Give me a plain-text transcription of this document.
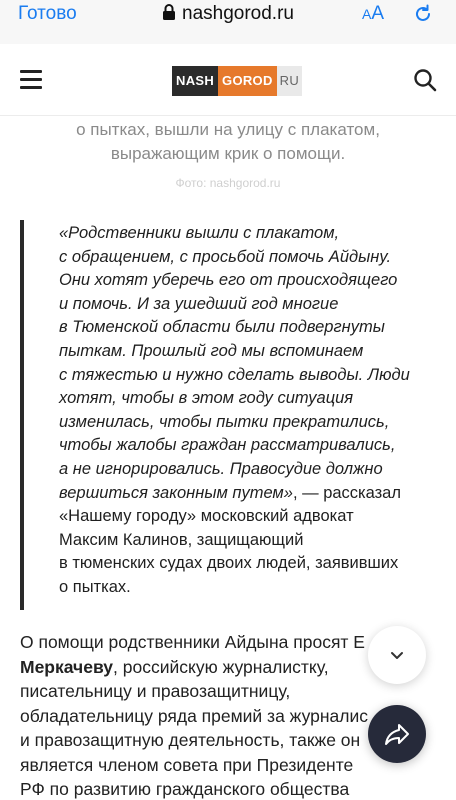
Готово	nashgorod.ru	AA
NASH GOROD RU
о пытках, вышли на улицу с плакатом,
выражающим крик о помощи.
Фото: nashgorod.ru
«Родственники вышли с плакатом,
с обращением, с просьбой помочь Айдыну.
Они хотят уберечь его от происходящего
и помочь. И за ушедший год многие
в Тюменской области были подвергнуты
пыткам. Прошлый год мы вспоминаем
с тяжестью и нужно сделать выводы. Люди
хотят, чтобы в этом году ситуация
изменилась, чтобы пытки прекратились,
чтобы жалобы граждан рассматривались,
а не игнорировались. Правосудие должно
вершиться законным путем», — рассказал
«Нашему городу» московский адвокат
Максим Калинов, защищающий
в тюменских судах двоих людей, заявивших
о пытках.
О помощи родственники Айдына просят Е
Меркачеву, российскую журналистку,
писательницу и правозащитницу,
обладательницу ряда премий за журналис
и правозащитную деятельность, также он
является членом совета при Президенте
РФ по развитию гражданского общества
